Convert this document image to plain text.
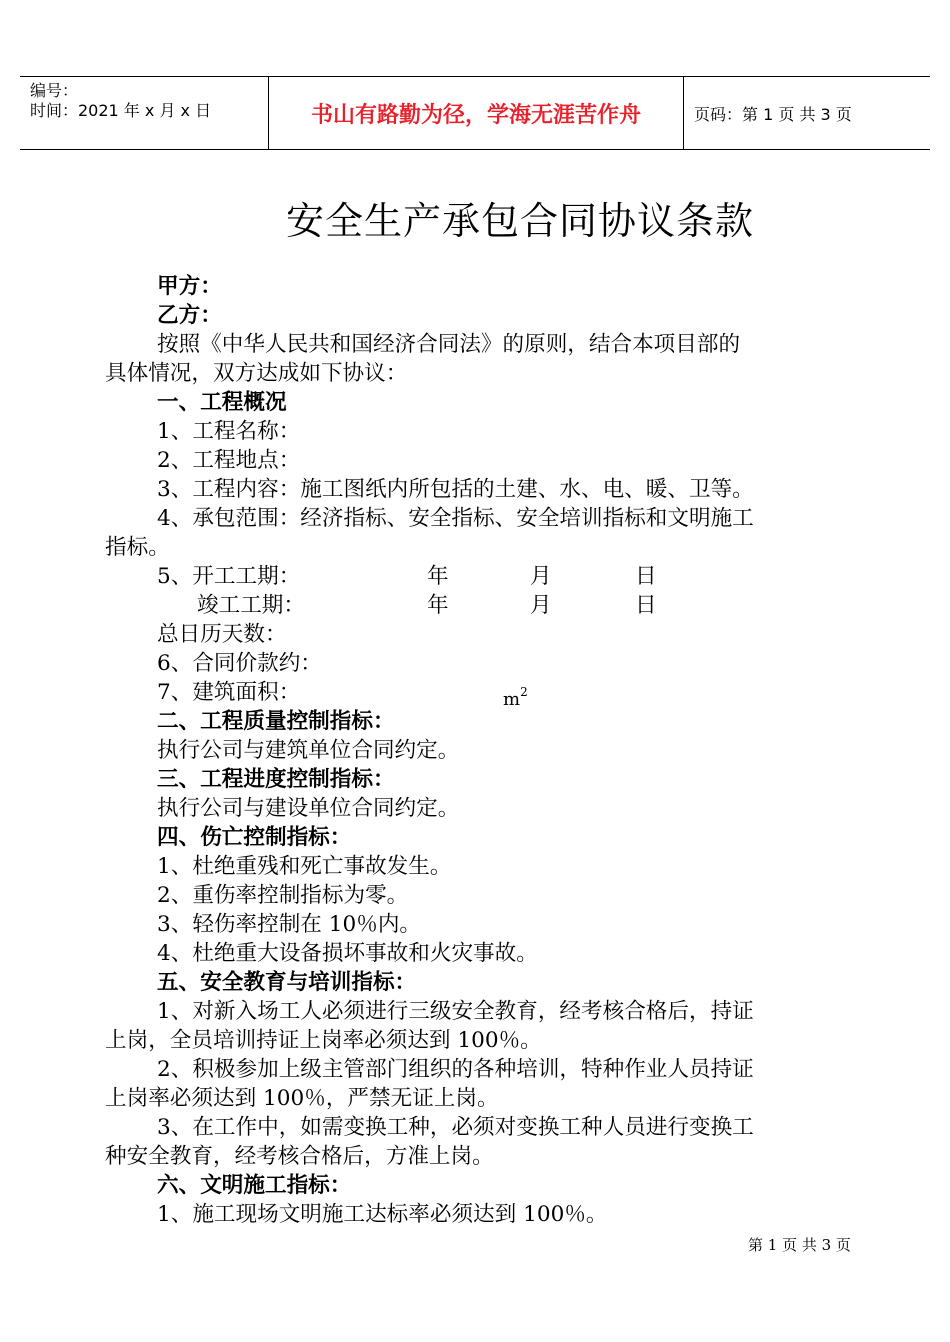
编号：
时间：2021 年 x 月 x 日	书山有路勤为径，学海无涯苦作舟	页码：第 1 页 共 3 页
安全生产承包合同协议条款
甲方：
乙方：
按照《中华人民共和国经济合同法》的原则，结合本项目部的
具体情况，双方达成如下协议：
一、工程概况
1、工程名称：
2、工程地点：
3、工程内容：施工图纸内所包括的土建、水、电、暖、卫等。
4、承包范围：经济指标、安全指标、安全培训指标和文明施工
指标。
5、开工工期：	年	月	日
竣工工期：	年	月	日
总日历天数：
6、合同价款约：
7、建筑面积：	$m^2$
二、工程质量控制指标：
执行公司与建筑单位合同约定。
三、工程进度控制指标：
执行公司与建设单位合同约定。
四、伤亡控制指标：
1、杜绝重残和死亡事故发生。
2、重伤率控制指标为零。
3、轻伤率控制在 10％内。
4、杜绝重大设备损坏事故和火灾事故。
五、安全教育与培训指标：
1、对新入场工人必须进行三级安全教育，经考核合格后，持证
上岗，全员培训持证上岗率必须达到 100％。
2、积极参加上级主管部门组织的各种培训，特种作业人员持证
上岗率必须达到 100％，严禁无证上岗。
3、在工作中，如需变换工种，必须对变换工种人员进行变换工
种安全教育，经考核合格后，方准上岗。
六、文明施工指标：
1、施工现场文明施工达标率必须达到 100％。
第 1 页 共 3 页
